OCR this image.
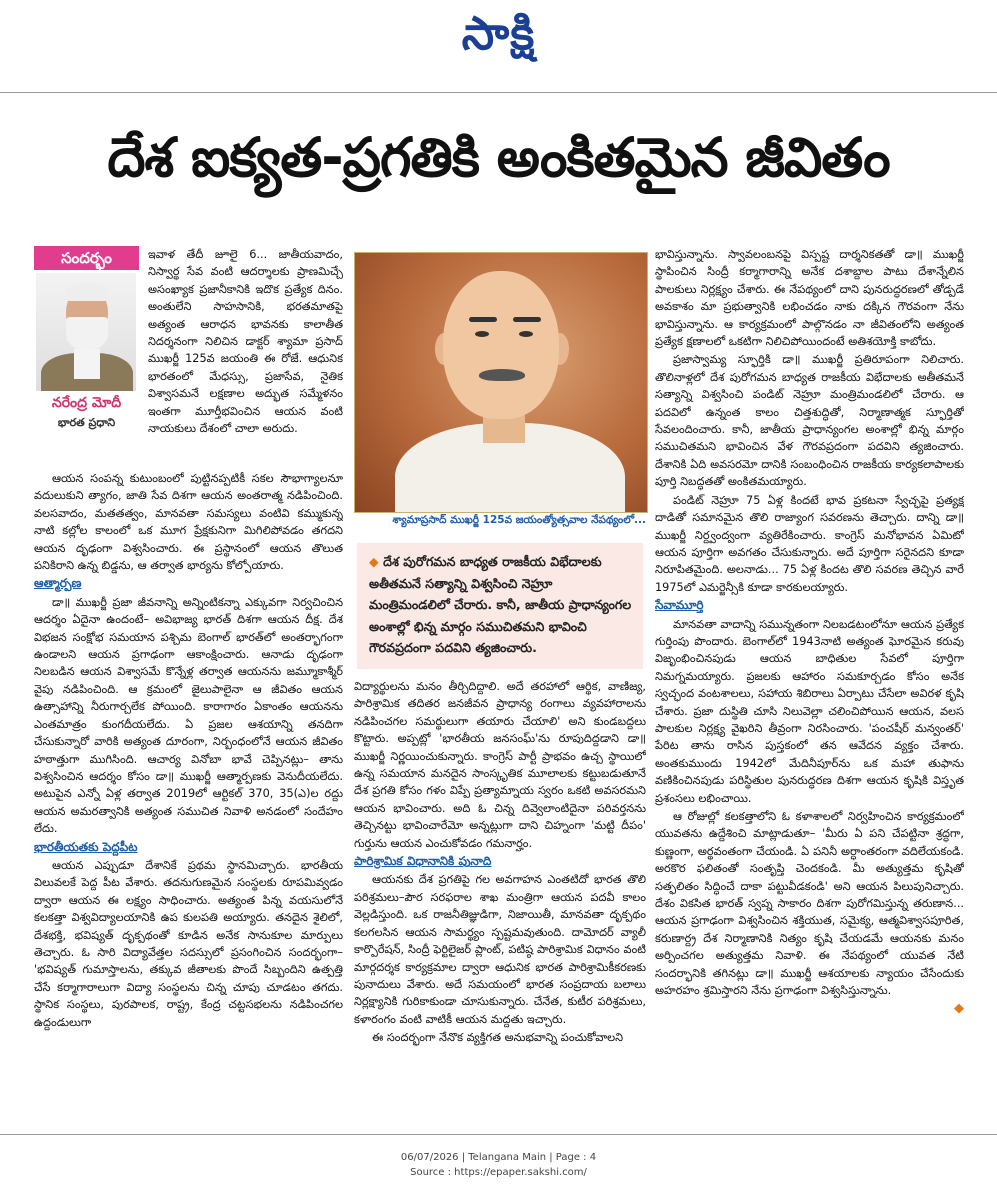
సాక్షి
దేశ ఐక్యత-ప్రగతికి అంకితమైన జీవితం
సందర్భం
నరేంద్ర మోదీ
భారత ప్రధాని

ఇవాళ తేదీ జూలై 6... జాతీయవాదం, నిస్వార్థ సేవ వంటి ఆదర్శాలకు ప్రాణమిచ్చే అసంఖ్యాక ప్రజానీకానికి ఇదొక ప్రత్యేక దినం. అంతులేని సాహసానికి, భరతమాతపై అత్యంత ఆరాధన భావనకు కాలాతీత నిదర్శనంగా నిలిచిన డాక్టర్ శ్యామా ప్రసాద్ ముఖర్జీ 125వ జయంతి ఈ రోజే. ఆధునిక భారతంలో మేధస్సు, ప్రజాసేవ, నైతిక విశ్వాసమనే లక్షణాల అద్భుత సమ్మేళనం ఇంతగా మూర్తీభవించిన ఆయన వంటి నాయకులు దేశంలో చాలా అరుదు.

ఆయన సంపన్న కుటుంబంలో పుట్టినప్పటికీ సకల సౌభాగ్యాలనూ వదులుకుని త్యాగం, జాతి సేవ దిశగా ఆయన అంతరాత్మ నడిపించింది. వలసవాదం, మతతత్వం, మానవతా సమస్యలు వంటివి కమ్ముకున్న నాటి కల్లోల కాలంలో ఒక మూగ ప్రేక్షకునిగా మిగిలిపోవడం తగదని ఆయన దృఢంగా విశ్వసించారు. ఈ ప్రస్థానంలో ఆయన తొలుత పనికిరాని ఉన్న బిడ్డను, ఆ తర్వాత భార్యను కోల్పోయారు.

ఆత్మార్పణ

డా॥ ముఖర్జీ ప్రజా జీవనాన్ని అన్నింటికన్నా ఎక్కువగా నిర్వచించిన ఆదర్శం ఏదైనా ఉందంటే– అవిభాజ్య భారత్ దిశగా ఆయన దీక్ష. దేశ విభజన సంక్షోభ సమయాన పశ్చిమ బెంగాల్ భారత్‌లో అంతర్భాగంగా ఉండాలని ఆయన ప్రగాఢంగా ఆకాంక్షించారు. ఆనాడు దృఢంగా నిలబడిన ఆయన విశ్వాసమే కొన్నేళ్ల తర్వాత ఆయనను జమ్మూకాశ్మీర్ వైపు నడిపించింది. ఆ క్రమంలో జైలుపాలైనా ఆ జీవితం ఆయన ఉత్సాహాన్ని నీరుగార్చలేక పోయింది. కారాగారం ఏకాంతం ఆయనను ఎంతమాత్రం కుంగదీయలేదు. ఏ ప్రజల ఆశయాన్ని తనదిగా చేసుకున్నారో వారికి అత్యంత దూరంగా, నిర్బంధంలోనే ఆయన జీవితం హఠాత్తుగా ముగిసింది. ఆచార్య వినోబా భావే చెప్పినట్లు– తాను విశ్వసించిన ఆదర్శం కోసం డా॥ ముఖర్జీ ఆత్మార్పణకు వెనుదీయలేదు. అటుపైన ఎన్నో ఏళ్ల తర్వాత 2019లో ఆర్టికల్ 370, 35(ఎ)ల రద్దు ఆయన అమరత్వానికి అత్యంత సముచిత నివాళి అనడంలో సందేహం లేదు.

భారతీయతకు పెద్దపీట

ఆయన ఎప్పుడూ దేశానికే ప్రథమ స్థానమిచ్చారు. భారతీయ విలువలకే పెద్ద పీట వేశారు. తదనుగుణమైన సంస్థలకు రూపమివ్వడం ద్వారా ఆయన ఈ లక్ష్యం సాధించారు. అత్యంత పిన్న వయసులోనే కలకత్తా విశ్వవిద్యాలయానికి ఉప కులపతి అయ్యారు. తనదైన శైలిలో, దేశభక్తి, భవిష్యత్ దృక్పథంతో కూడిన అనేక సానుకూల మార్పులు తెచ్చారు. ఓ సారి విద్యావేత్తల సదస్సులో ప్రసంగించిన సందర్భంగా– 'భవిష్యత్ గుమాస్తాలను, తక్కువ జీతాలకు పొందే సిబ్బందిని ఉత్పత్తి చేసే కర్మాగారాలుగా విద్యా సంస్థలను చిన్న చూపు చూడటం తగదు. స్థానిక సంస్థలు, పురపాలక, రాష్ట్ర, కేంద్ర చట్టసభలను నడిపించగల ఉద్దండులుగా

శ్యామాప్రసాద్ ముఖర్జీ 125వ జయంత్యోత్సవాల నేపథ్యంలో...
◆ దేశ పురోగమన బాధ్యత రాజకీయ విభేదాలకు అతీతమనే సత్యాన్ని విశ్వసించి నెహ్రూ మంత్రిమండలిలో చేరారు. కానీ, జాతీయ ప్రాధాన్యంగల అంశాల్లో భిన్న మార్గం సముచితమని భావించి గౌరవప్రదంగా పదవిని త్యజించారు.

విద్యార్థులను మనం తీర్చిదిద్దాలి. అదే తరహాలో ఆర్థిక, వాణిజ్య, పారిశ్రామిక తదితర జనజీవన ప్రాధాన్య రంగాలు వ్యవహారాలను నడిపించగల సమర్థులుగా తయారు చేయాలి' అని కుండబద్దలు కొట్టారు. అప్పట్లో 'భారతీయ జనసంఘ్'ను రూపుదిద్దడాని డా॥ ముఖర్జీ నిర్ణయించుకున్నారు. కాంగ్రెస్ పార్టీ ప్రాభవం ఉచ్చ స్థాయిలో ఉన్న సమయాన మనదైన సాంస్కృతిక మూలాలకు కట్టుబడుతూనే దేశ ప్రగతి కోసం గళం విప్పే ప్రత్యామ్నాయ స్వరం ఒకటి అవసరమని ఆయన భావించారు. అది ఓ చిన్న దివ్వెలాంటిదైనా పరివర్తనను తెచ్చినట్టు భావించారేమో అన్నట్లుగా దాని చిహ్నంగా 'మట్టి దీపం' గుర్తును ఆయన ఎంచుకోవడం గమనార్హం.

పారిశ్రామిక విధానానికి పునాది

ఆయనకు దేశ ప్రగతిపై గల అవగాహన ఎంతటిదో భారత తొలి పరిశ్రమలు–పౌర సరఫరాల శాఖ మంత్రిగా ఆయన పదవీ కాలం వెల్లడిస్తుంది. ఒక రాజనీతిజ్ఞుడిగా, నిజాయితీ, మానవతా దృక్పథం కలగలసిన ఆయన సామర్థ్యం స్పష్టమవుతుంది. దామోదర్ వ్యాలీ కార్పొరేషన్, సింద్రీ ఫెర్టిలైజర్ ప్లాంట్, పటిష్ఠ పారిశ్రామిక విధానం వంటి మార్గదర్శక కార్యక్రమాల ద్వారా ఆధునిక భారత పారిశ్రామికీకరణకు పునాదులు వేశారు. అదే సమయంలో భారత సంప్రదాయ బలాలు నిర్లక్ష్యానికి గురికాకుండా చూసుకున్నారు. చేనేత, కుటీర పరిశ్రమలు, కళారంగం వంటి వాటికీ ఆయన మద్దతు ఇచ్చారు.

ఈ సందర్భంగా నేనొక వ్యక్తిగత అనుభవాన్ని పంచుకోవాలని

భావిస్తున్నాను. స్వావలంబనపై విస్పష్ట దార్శనికతతో డా॥ ముఖర్జీ స్థాపించిన సింద్రీ కర్మాగారాన్ని అనేక దశాబ్దాల పాటు దేశాన్నేలిన పాలకులు నిర్లక్ష్యం చేశారు. ఈ నేపథ్యంలో దాని పునరుద్ధరణలో తోడ్పడే అవకాశం మా ప్రభుత్వానికి లభించడం నాకు దక్కిన గౌరవంగా నేను భావిస్తున్నాను. ఆ కార్యక్రమంలో పాల్గొనడం నా జీవితంలోని అత్యంత ప్రత్యేక క్షణాలలో ఒకటిగా నిలిచిపోయిందంటే అతిశయోక్తి కాబోదు.

ప్రజాస్వామ్య స్ఫూర్తికి డా॥ ముఖర్జీ ప్రతిరూపంగా నిలిచారు. తొలినాళ్లలో దేశ పురోగమన బాధ్యత రాజకీయ విభేదాలకు అతీతమనే సత్యాన్ని విశ్వసించి పండిట్ నెహ్రూ మంత్రిమండలిలో చేరారు. ఆ పదవిలో ఉన్నంత కాలం చిత్తశుద్ధితో, నిర్మాణాత్మక స్ఫూర్తితో సేవలందించారు. కానీ, జాతీయ ప్రాధాన్యంగల అంశాల్లో భిన్న మార్గం సముచితమని భావించిన వేళ గౌరవప్రదంగా పదవిని త్యజించారు. దేశానికి ఏది అవసరమో దానికి సంబంధించిన రాజకీయ కార్యకలాపాలకు పూర్తి నిబద్ధతతో అంకితమయ్యారు.

పండిట్ నెహ్రూ 75 ఏళ్ల కిందటే భావ ప్రకటనా స్వేచ్ఛపై ప్రత్యక్ష దాడితో సమానమైన తొలి రాజ్యాంగ సవరణను తెచ్చారు. దాన్ని డా॥ ముఖర్జీ నిర్ద్వంద్వంగా వ్యతిరేకించారు. కాంగ్రెస్ మనోభావన ఏమిటో ఆయన పూర్తిగా అవగతం చేసుకున్నారు. అదే పూర్తిగా సరైనదని కూడా నిరూపితమైంది. అలనాడు... 75 ఏళ్ల కిందట తొలి సవరణ తెచ్చిన వారే 1975లో ఎమర్జెన్సీకి కూడా కారకులయ్యారు.

సేవామూర్తి

మానవతా వాదాన్ని సమున్నతంగా నిలబడటంలోనూ ఆయన ప్రత్యేక గుర్తింపు పొందారు. బెంగాల్‌లో 1943నాటి అత్యంత ఘోరమైన కరువు విజృంభించినపుడు ఆయన బాధితుల సేవలో పూర్తిగా నిమగ్నమయ్యారు. ప్రజలకు ఆహారం సమకూర్చడం కోసం అనేక స్వచ్ఛంద వంటశాలలు, సహాయ శిబిరాలు ఏర్పాటు చేసేలా అవిరళ కృషి చేశారు. ప్రజా దుస్థితి చూసి నిలువెల్లా చలించిపోయిన ఆయన, వలస పాలకుల నిర్లక్ష్య వైఖరిని తీవ్రంగా నిరసించారు. 'పంచషీర్ మన్వంతర్' పేరిట తాను రాసిన పుస్తకంలో తన ఆవేదన వ్యక్తం చేశారు. అంతకుముందు 1942లో మేదినీపూర్‌ను ఒక మహా తుఫాను వణికించినపుడు పరిస్థితుల పునరుద్ధరణ దిశగా ఆయన కృషికి విస్తృత ప్రశంసలు లభించాయి.

ఆ రోజుల్లో కలకత్తాలోని ఓ కళాశాలలో నిర్వహించిన కార్యక్రమంలో యువతను ఉద్దేశించి మాట్లాడుతూ– 'మీరు ఏ పని చేపట్టినా శ్రద్ధగా, కుణ్ణంగా, అర్థవంతంగా చేయండి. ఏ పనినీ అర్ధాంతరంగా వదిలేయకండి. అరకొర ఫలితంతో సంతృప్తి చెందకండి. మీ అత్యుత్తమ కృషితో సత్ఫలితం సిద్ధించే దాకా పట్టువీడకండి' అని ఆయన పిలుపునిచ్చారు. దేశం వికసిత భారత్ స్వప్న సాకారం దిశగా పురోగమిస్తున్న తరుణాన... ఆయన ప్రగాఢంగా విశ్వసించిన శక్తియుత, సమైక్య, ఆత్మవిశ్వాసపూరిత, కరుణార్ద్ర దేశ నిర్మాణానికి నిత్యం కృషి చేయడమే ఆయనకు మనం అర్పించగల అత్యుత్తమ నివాళి. ఈ నేపథ్యంలో యువత నేటి సందర్భానికి తగినట్లు డా॥ ముఖర్జీ ఆశయాలకు న్యాయం చేసేందుకు అహరహం శ్రమిస్తారని నేను ప్రగాఢంగా విశ్వసిస్తున్నాను.

◆

06/07/2026 | Telangana Main | Page : 4
Source : https://epaper.sakshi.com/
